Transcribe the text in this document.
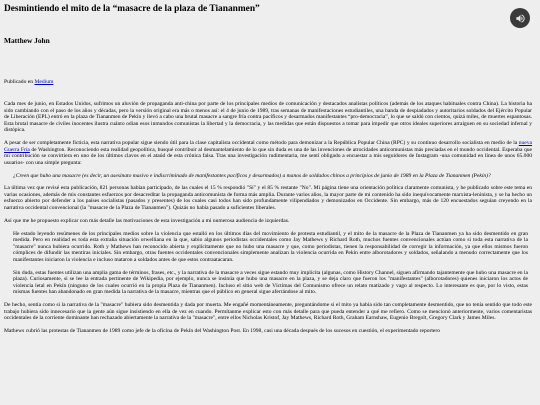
Desmintiendo el mito de la “masacre de la plaza de Tiananmen”
Matthew John
Publicado en Medium

Cada mes de junio, en Estados Unidos, sufrimos un aluvión de propaganda anti-china por parte de los principales medios de comunicación y destacados analistas políticos (además de los ataques habituales contra China). La historia ha sido cambiando con el paso de los años y décadas, pero la versión original era más o menos así: el 4 de junio de 1989, tras semanas de manifestaciones estudiantiles, una banda de despiadados y autoritarios soldados del Ejército Popular de Liberación (EPL) entró en la plaza de Tiananmen de Pekín y llevó a cabo una brutal masacre a sangre fría contra pacíficos y desarmados manifestantes “pro-democracia”, lo que se saldó con cientos, quizá miles, de muertes espantosas. Esta brutal masacre de civiles inocentes ilustra cuánto odian esos inmundos comunistas la libertad y la democracia, y las medidas que están dispuestos a tomar para impedir que otros ideales superiores arraiguen en su sociedad infernal y distópica.

A pesar de ser completamente ficticia, esta narrativa popular sigue siendo útil para la clase capitalista occidental como método para demonizar a la República Popular China (RPC) y su continuo desarrollo socialista en medio de la nueva Guerra Fría de Washington. Reconociendo esta realidad geopolítica, busqué contribuir al desmantelamiento de lo que sin duda es una de las invenciones de atrocidades anticomunistas más preciadas en el mundo occidental. Esperaba que mi contribución se convirtiera en uno de los últimos clavos en el ataúd de esta crónica falsa. Tras una investigación rudimentaria, me sentí obligado a encuestar a mis seguidores de Instagram -una comunidad en línea de unos 65.000 usuarios- con una simple pregunta:

¿Creen que hubo una masacre (es decir, un asesinato masivo e indiscriminado de manifestantes pacíficos y desarmados) a manos de soldados chinos a principios de junio de 1989 en la Plaza de Tiananmen (Pekín)?

La última vez que revisé esta publicación, 821 personas habían participado, de las cuales el 15 % respondió "Sí" y el 85 % restante "No". Mi página tiene una orientación política claramente comunista, y he publicado sobre este tema en varias ocasiones, además de mis constantes esfuerzos por desacreditar la propaganda anticomunista de forma más amplia. Durante varios años, la mayor parte de mi contenido ha sido inequívocamente marxista-leninista, y se ha hecho un esfuerzo abierto por defender a los países socialistas (pasados y presentes) de los cuales casi todos han sido profundamente vilipendiados y demonizados en Occidente. Sin embargo, más de 120 encuestados seguían creyendo en la narrativa occidental convencional (la "masacre de la Plaza de Tiananmen"). Quizás no había pasado a suficientes liberales.

Así que me he propuesto explicar con más detalle las motivaciones de esta investigación a mi numerosa audiencia de izquierdas.

He estado leyendo resúmenes de los principales medios sobre la violencia que estalló en los últimos días del movimiento de protesta estudiantil, y el mito de la masacre de la Plaza de Tiananmen ya ha sido desmentido en gran medida. Pero en realidad es toda esta extraña situación orwelliana en la que, sabio algunos periodistas occidentales como Jay Mathews y Richard Roth, muchos fuentes convencionales actúan como si toda esta narrativa de la "masacre" nunca hubiera ocurrido. Roth y Mathews han reconocido abierta y explícitamente que no hubo una masacre y que, como periodistas, tienen la responsabilidad de corregir la información, ya que ellos mismos fueron cómplices de difundir las mentiras iniciales. Sin embargo, otras fuentes occidentales convencionales simplemente analizan la violencia ocurrida en Pekín entre alborotadores y soldados, señalando a menudo correctamente que los manifestantes iniciaron la violencia e incluso mataron a soldados antes de que estos contraatacaran.
Sin duda, estas fuentes utilizan una amplia gama de términos, frases, etc., y la narrativa de la masacre a veces sigue estando muy implícita (algunas, como History Channel, siguen afirmando tajantemente que hubo una masacre en la plaza). Curiosamente, si se lee la entrada pertinente de Wikipedia, por ejemplo, nunca se insinúa que hubo una masacre en la plaza, y se deja claro que fueron los "manifestantes" (alborotadores) quienes iniciaron los actos de violencia letal en Pekín (ninguno de los cuales ocurrió en la propia Plaza de Tiananmen). Incluso el sitio web de Víctimas del Comunismo ofrece un relato matizado y vago al respecto. Lo interesante es que, por lo visto, estas mismas fuentes han abandonado en gran medida la narrativa de la masacre, mientras que el público en general sigue aferrándose al mito.

De hecho, sentía como si la narrativa de la "masacre" hubiera sido desmentida y dada por muerta. Me engañé momentáneamente, preguntándome si el mito ya había sido tan completamente desmentido, que no tenía sentido que todo este trabajo hubiera sido innecesario que la gente aún sigue insistiendo en ella de vez en cuando. Permítanme explicar esto con más detalle para que pueda entender a qué me refiero. Como se mencionó anteriormente, varios comentaristas occidentales de la corriente dominante han rechazado abiertamente la narrativa de la "masacre", entre ellos Nicholas Kristof, Jay Mathews, Richard Roth, Graham Earnshaw, Eugenio Bregolt, Gregory Clark y James Miles.

Mathews cubrió las protestas de Tiananmen de 1989 como jefe de la oficina de Pekín del Washington Post. En 1998, casi una década después de los sucesos en cuestión, el experimentado reportero
